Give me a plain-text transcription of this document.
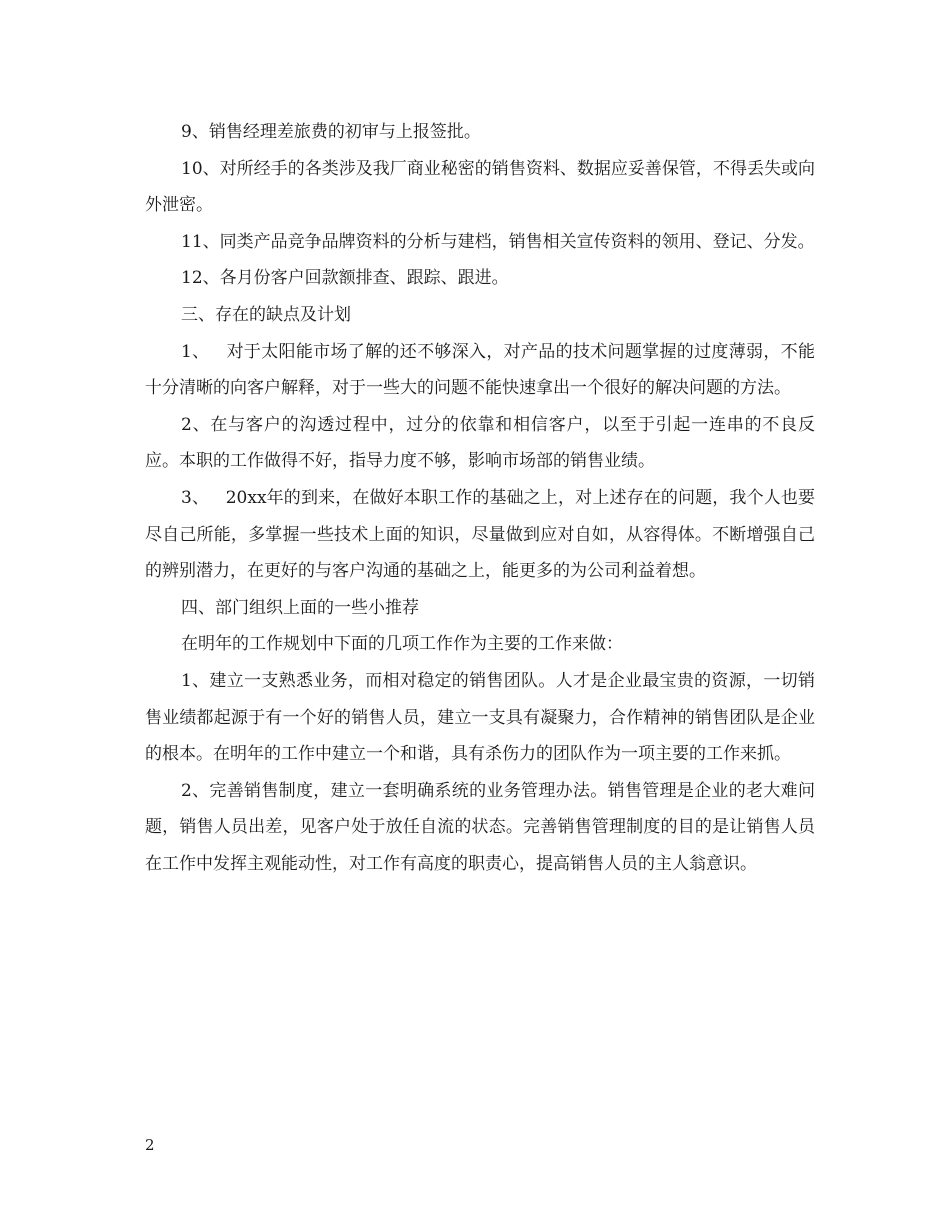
9、销售经理差旅费的初审与上报签批。

10、对所经手的各类涉及我厂商业秘密的销售资料、数据应妥善保管，不得丢失或向外泄密。

11、同类产品竞争品牌资料的分析与建档，销售相关宣传资料的领用、登记、分发。

12、各月份客户回款额排查、跟踪、跟进。

三、存在的缺点及计划

1、   对于太阳能市场了解的还不够深入，对产品的技术问题掌握的过度薄弱，不能十分清晰的向客户解释，对于一些大的问题不能快速拿出一个很好的解决问题的方法。

2、在与客户的沟透过程中，过分的依靠和相信客户，以至于引起一连串的不良反应。本职的工作做得不好，指导力度不够，影响市场部的销售业绩。

3、   20xx年的到来，在做好本职工作的基础之上，对上述存在的问题，我个人也要尽自己所能，多掌握一些技术上面的知识，尽量做到应对自如，从容得体。不断增强自己的辨别潜力，在更好的与客户沟通的基础之上，能更多的为公司利益着想。

四、部门组织上面的一些小推荐

在明年的工作规划中下面的几项工作作为主要的工作来做：

1、建立一支熟悉业务，而相对稳定的销售团队。人才是企业最宝贵的资源，一切销售业绩都起源于有一个好的销售人员，建立一支具有凝聚力，合作精神的销售团队是企业的根本。在明年的工作中建立一个和谐，具有杀伤力的团队作为一项主要的工作来抓。

2、完善销售制度，建立一套明确系统的业务管理办法。销售管理是企业的老大难问题，销售人员出差，见客户处于放任自流的状态。完善销售管理制度的目的是让销售人员在工作中发挥主观能动性，对工作有高度的职责心，提高销售人员的主人翁意识。

2
